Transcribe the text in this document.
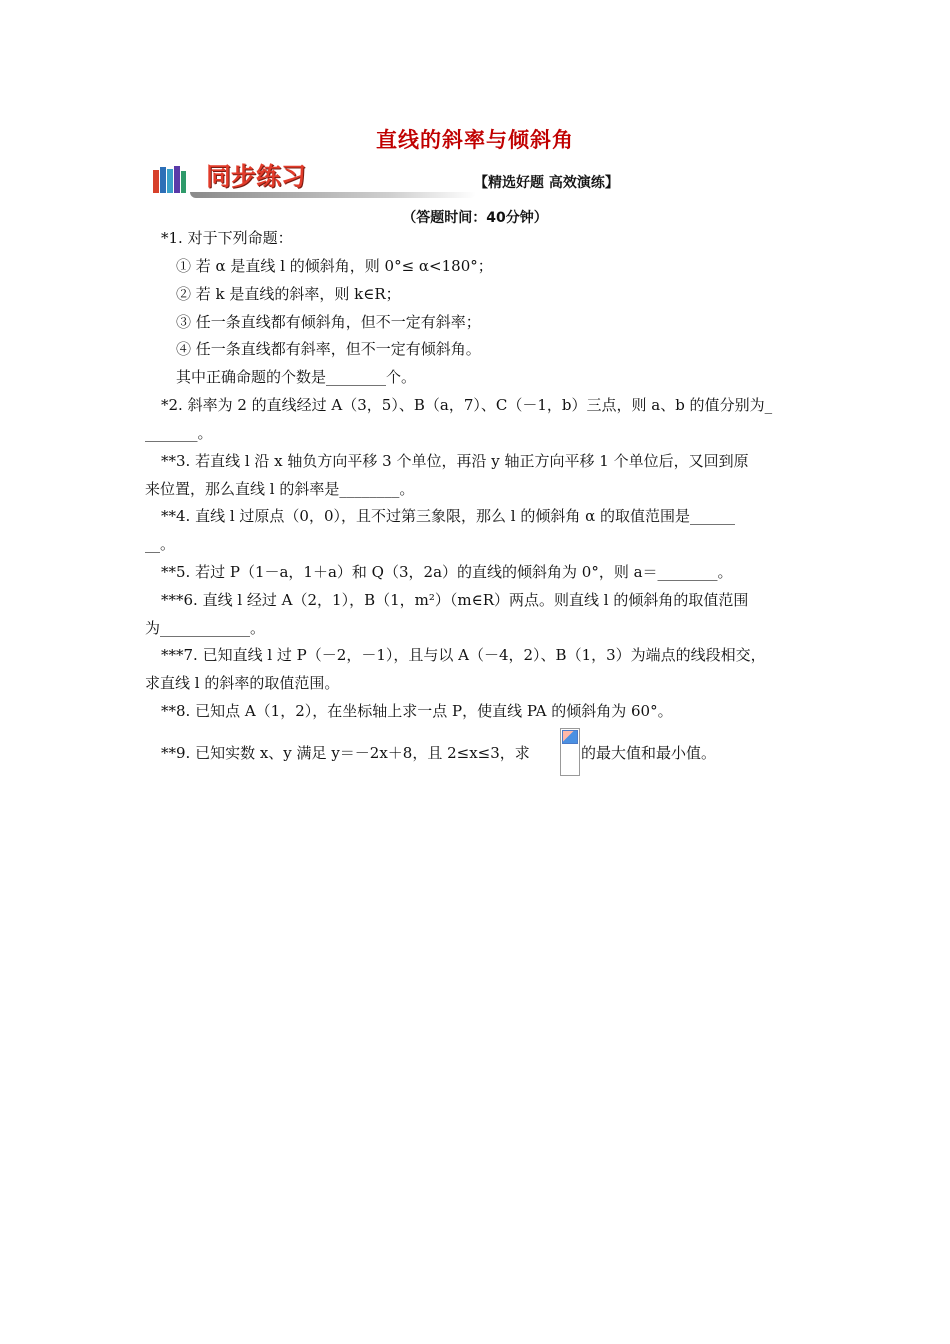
直线的斜率与倾斜角
同步练习	【精选好题 高效演练】
（答题时间：40分钟）
*1. 对于下列命题：
① 若 α 是直线 l 的倾斜角，则 0°≤ α<180°；
② 若 k 是直线的斜率，则 k∈R；
③ 任一条直线都有倾斜角，但不一定有斜率；
④ 任一条直线都有斜率，但不一定有倾斜角。
其中正确命题的个数是________个。
*2. 斜率为 2 的直线经过 A（3，5）、B（a，7）、C（－1，b）三点，则 a、b 的值分别为_
_______。
**3. 若直线 l 沿 x 轴负方向平移 3 个单位，再沿 y 轴正方向平移 1 个单位后，又回到原
来位置，那么直线 l 的斜率是________。
**4. 直线 l 过原点（0，0），且不过第三象限，那么 l 的倾斜角 α 的取值范围是______
__。
**5. 若过 P（1－a，1＋a）和 Q（3，2a）的直线的倾斜角为 0°，则 a＝________。
***6. 直线 l 经过 A（2，1），B（1，m²）（m∈R）两点。则直线 l 的倾斜角的取值范围
为____________。
***7. 已知直线 l 过 P（－2，－1），且与以 A（－4，2）、B（1，3）为端点的线段相交，
求直线 l 的斜率的取值范围。
**8. 已知点 A（1，2），在坐标轴上求一点 P，使直线 PA 的倾斜角为 60°。
**9. 已知实数 x、y 满足 y＝－2x＋8，且 2≤x≤3，求	的最大值和最小值。
